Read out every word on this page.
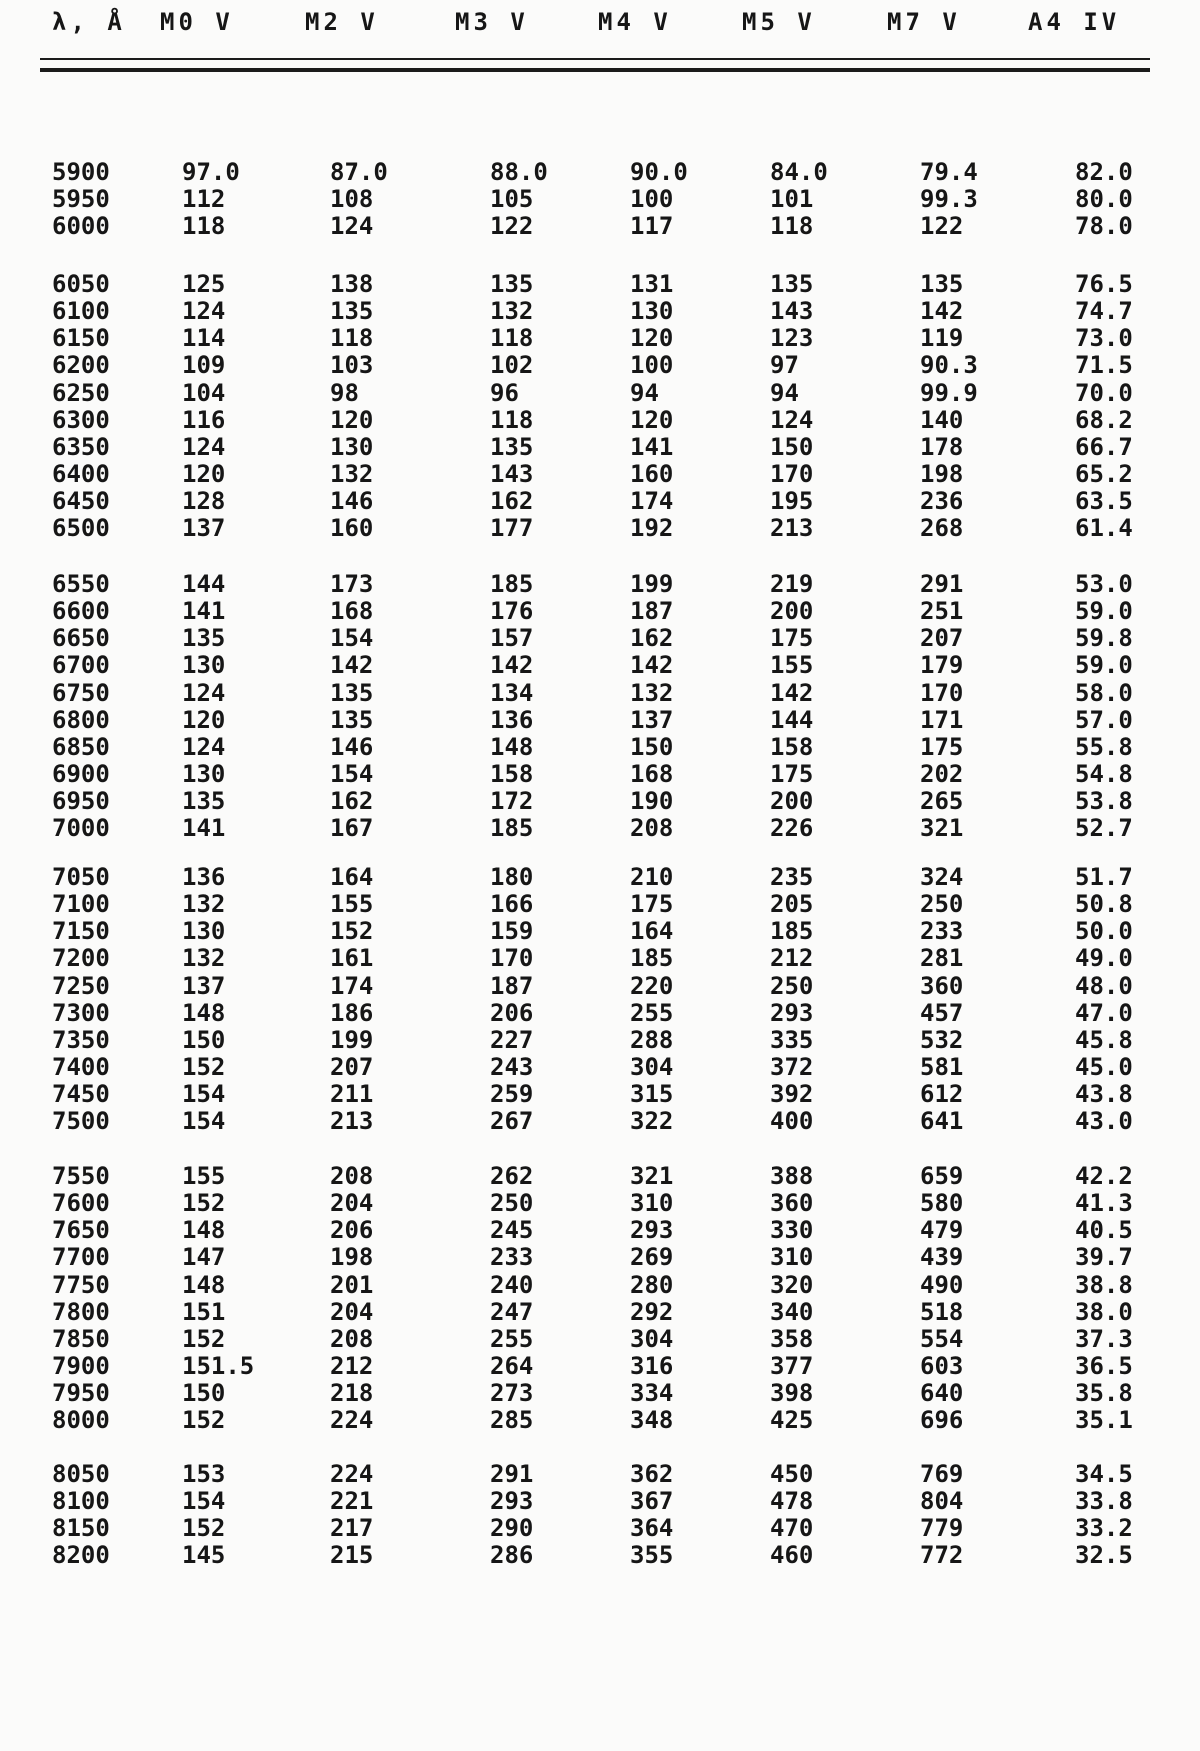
λ, Å M0 V	M2 V	M3 V	M4 V	M5 V	M7 V	A4 IV
5900	97.0	87.0	88.0	90.0	84.0	79.4	82.0
5950	112	108	105	100	101	99.3	80.0
6000	118	124	122	117	118	122	78.0
6050	125	138	135	131	135	135	76.5
6100	124	135	132	130	143	142	74.7
6150	114	118	118	120	123	119	73.0
6200	109	103	102	100	97	90.3	71.5
6250	104	98	96	94	94	99.9	70.0
6300	116	120	118	120	124	140	68.2
6350	124	130	135	141	150	178	66.7
6400	120	132	143	160	170	198	65.2
6450	128	146	162	174	195	236	63.5
6500	137	160	177	192	213	268	61.4
6550	144	173	185	199	219	291	53.0
6600	141	168	176	187	200	251	59.0
6650	135	154	157	162	175	207	59.8
6700	130	142	142	142	155	179	59.0
6750	124	135	134	132	142	170	58.0
6800	120	135	136	137	144	171	57.0
6850	124	146	148	150	158	175	55.8
6900	130	154	158	168	175	202	54.8
6950	135	162	172	190	200	265	53.8
7000	141	167	185	208	226	321	52.7
7050	136	164	180	210	235	324	51.7
7100	132	155	166	175	205	250	50.8
7150	130	152	159	164	185	233	50.0
7200	132	161	170	185	212	281	49.0
7250	137	174	187	220	250	360	48.0
7300	148	186	206	255	293	457	47.0
7350	150	199	227	288	335	532	45.8
7400	152	207	243	304	372	581	45.0
7450	154	211	259	315	392	612	43.8
7500	154	213	267	322	400	641	43.0
7550	155	208	262	321	388	659	42.2
7600	152	204	250	310	360	580	41.3
7650	148	206	245	293	330	479	40.5
7700	147	198	233	269	310	439	39.7
7750	148	201	240	280	320	490	38.8
7800	151	204	247	292	340	518	38.0
7850	152	208	255	304	358	554	37.3
7900	151.5	212	264	316	377	603	36.5
7950	150	218	273	334	398	640	35.8
8000	152	224	285	348	425	696	35.1
8050	153	224	291	362	450	769	34.5
8100	154	221	293	367	478	804	33.8
8150	152	217	290	364	470	779	33.2
8200	145	215	286	355	460	772	32.5
